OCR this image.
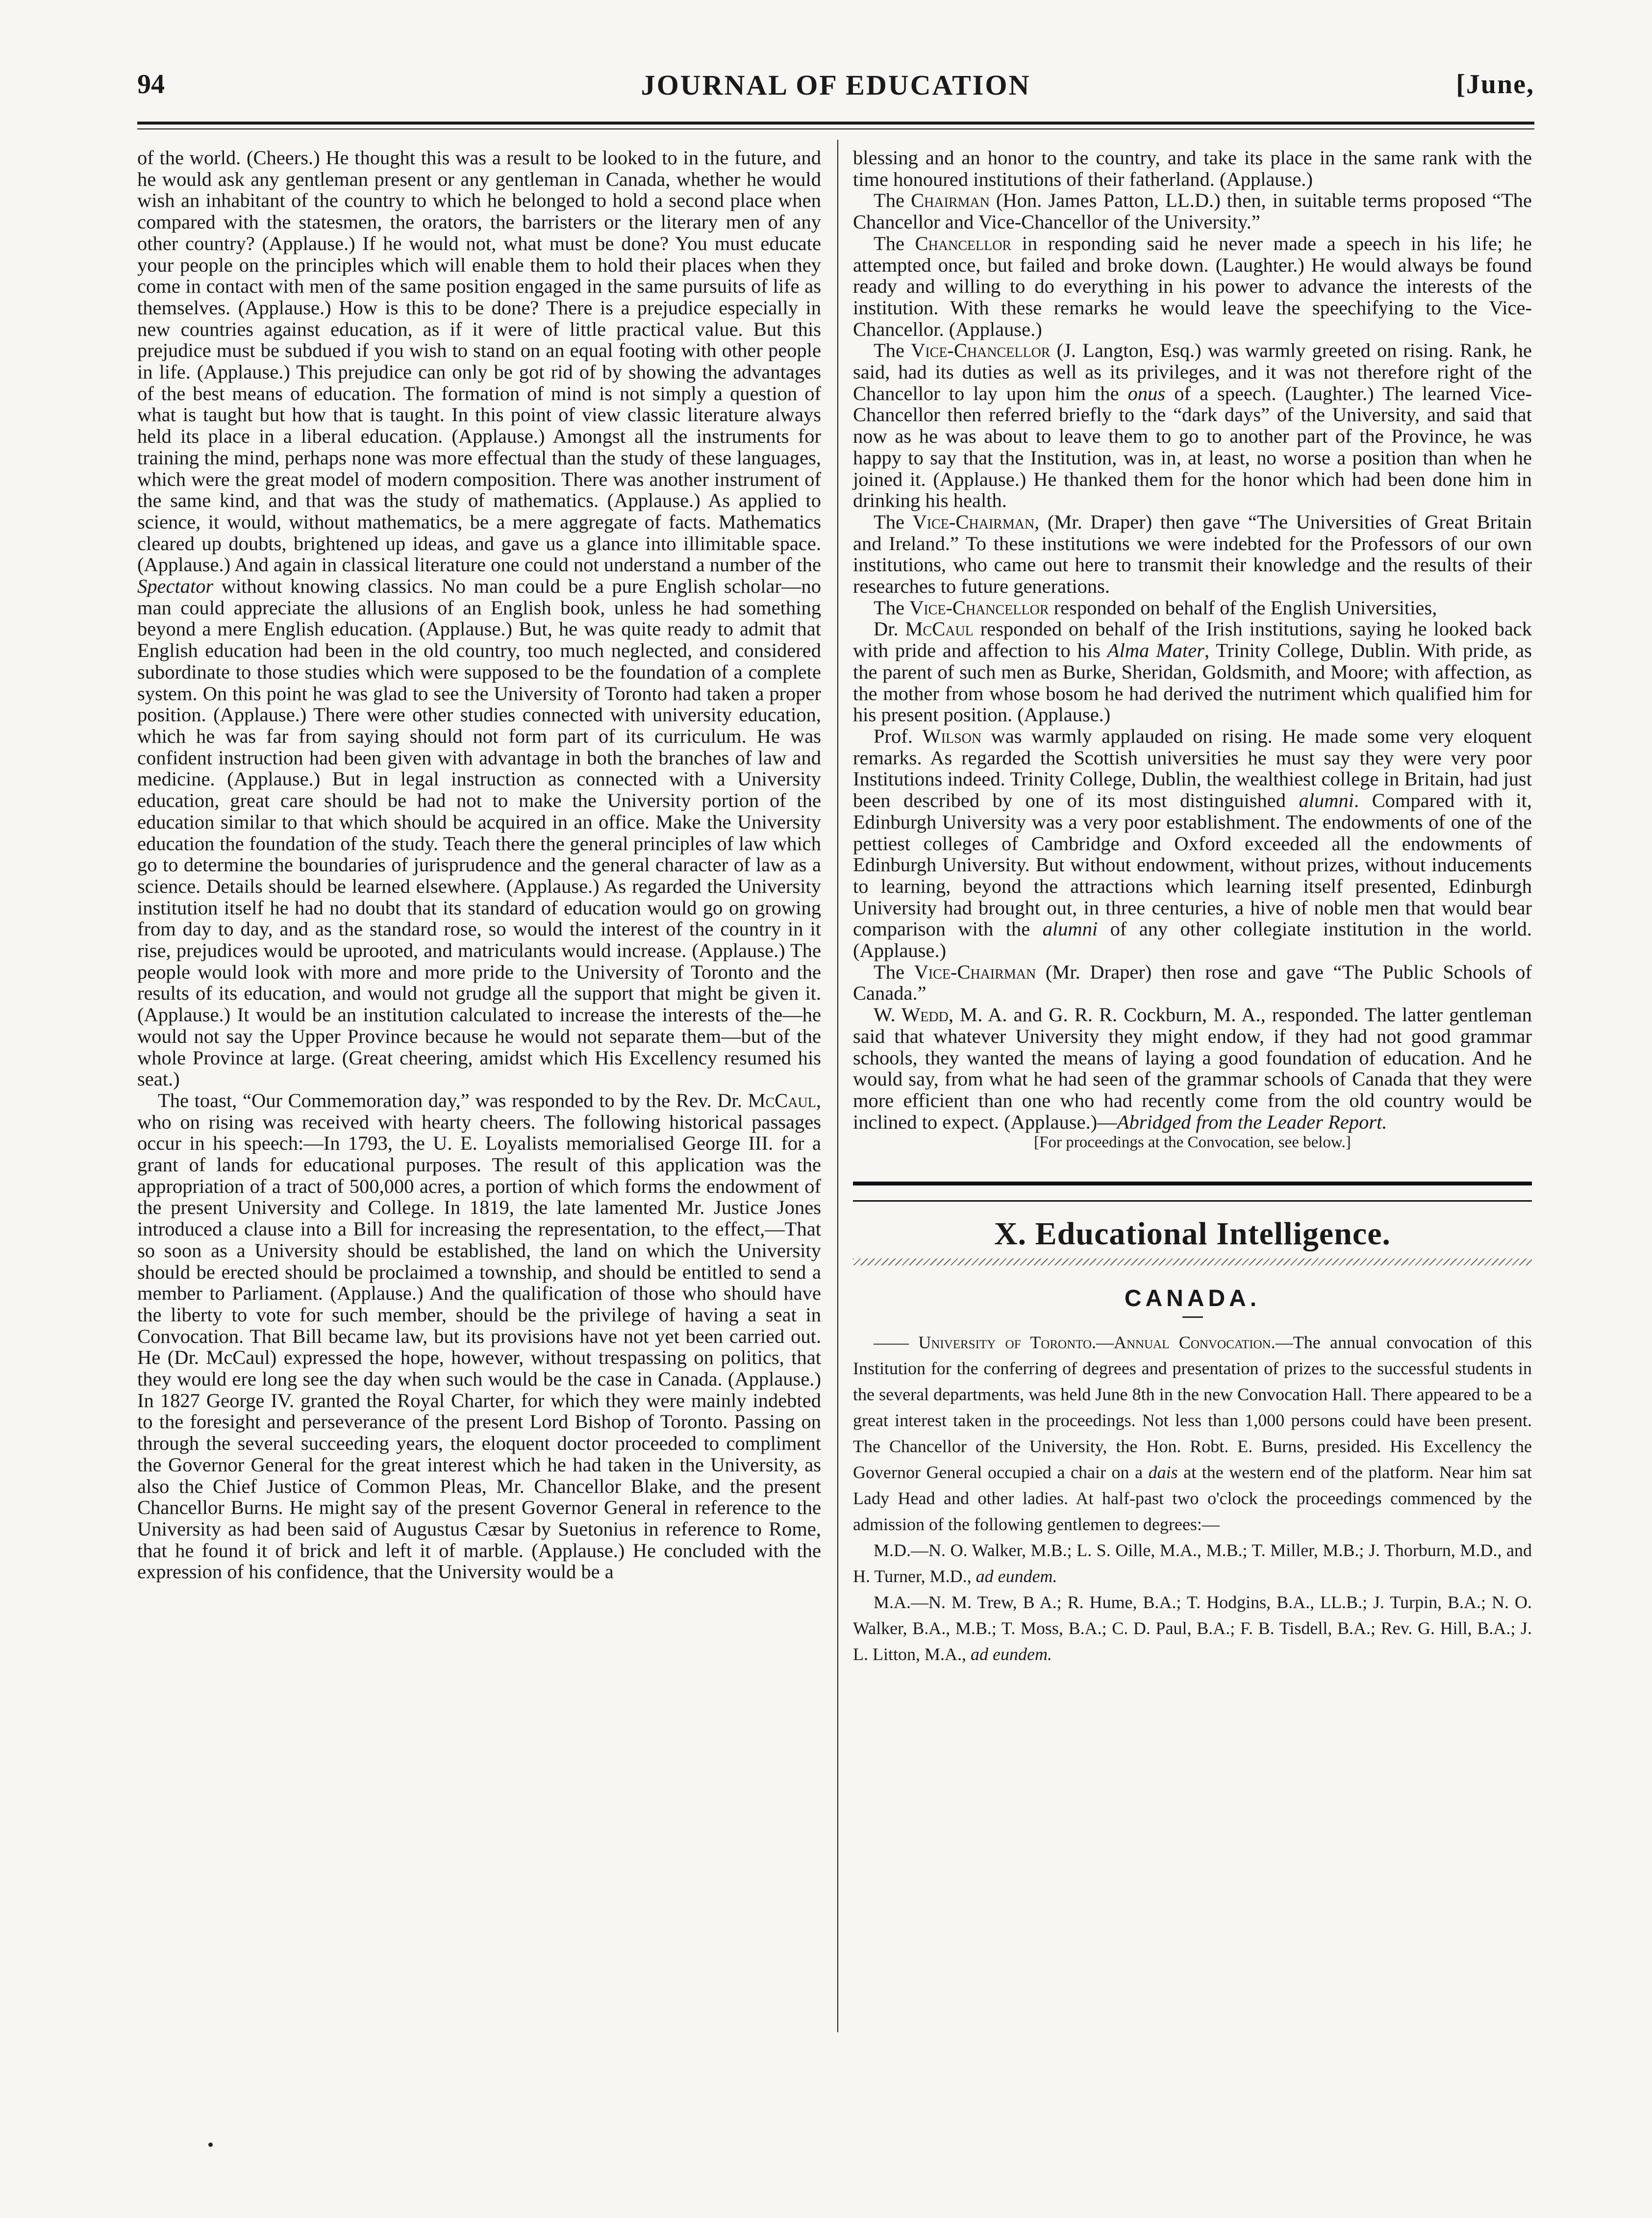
94	JOURNAL OF EDUCATION	[June,

of the world. (Cheers.) He thought this was a result to be looked to in the future, and he would ask any gentleman present or any gentleman in Canada, whether he would wish an inhabitant of the country to which he belonged to hold a second place when compared with the statesmen, the orators, the barristers or the literary men of any other country? (Applause.) If he would not, what must be done? You must educate your people on the principles which will enable them to hold their places when they come in contact with men of the same position engaged in the same pursuits of life as themselves. (Applause.) How is this to be done? There is a prejudice especially in new countries against education, as if it were of little practical value. But this prejudice must be subdued if you wish to stand on an equal footing with other people in life. (Applause.) This prejudice can only be got rid of by showing the advantages of the best means of education. The formation of mind is not simply a question of what is taught but how that is taught. In this point of view classic literature always held its place in a liberal education. (Applause.) Amongst all the instruments for training the mind, perhaps none was more effectual than the study of these languages, which were the great model of modern composition. There was another instrument of the same kind, and that was the study of mathematics. (Applause.) As applied to science, it would, without mathematics, be a mere aggregate of facts. Mathematics cleared up doubts, brightened up ideas, and gave us a glance into illimitable space. (Applause.) And again in classical literature one could not understand a number of the Spectator without knowing classics. No man could be a pure English scholar—no man could appreciate the allusions of an English book, unless he had something beyond a mere English education. (Applause.) But, he was quite ready to admit that English education had been in the old country, too much neglected, and considered subordinate to those studies which were supposed to be the foundation of a complete system. On this point he was glad to see the University of Toronto had taken a proper position. (Applause.) There were other studies connected with university education, which he was far from saying should not form part of its curriculum. He was confident instruction had been given with advantage in both the branches of law and medicine. (Applause.) But in legal instruction as connected with a University education, great care should be had not to make the University portion of the education similar to that which should be acquired in an office. Make the University education the foundation of the study. Teach there the general principles of law which go to determine the boundaries of jurisprudence and the general character of law as a science. Details should be learned elsewhere. (Applause.) As regarded the University institution itself he had no doubt that its standard of education would go on growing from day to day, and as the standard rose, so would the interest of the country in it rise, prejudices would be uprooted, and matriculants would increase. (Applause.) The people would look with more and more pride to the University of Toronto and the results of its education, and would not grudge all the support that might be given it. (Applause.) It would be an institution calculated to increase the interests of the—he would not say the Upper Province because he would not separate them—but of the whole Province at large. (Great cheering, amidst which His Excellency resumed his seat.)

The toast, “Our Commemoration day,” was responded to by the Rev. Dr. McCaul, who on rising was received with hearty cheers. The following historical passages occur in his speech:—In 1793, the U. E. Loyalists memorialised George III. for a grant of lands for educational purposes. The result of this application was the appropriation of a tract of 500,000 acres, a portion of which forms the endowment of the present University and College. In 1819, the late lamented Mr. Justice Jones introduced a clause into a Bill for increasing the representation, to the effect,—That so soon as a University should be established, the land on which the University should be erected should be proclaimed a township, and should be entitled to send a member to Parliament. (Applause.) And the qualification of those who should have the liberty to vote for such member, should be the privilege of having a seat in Convocation. That Bill became law, but its provisions have not yet been carried out. He (Dr. McCaul) expressed the hope, however, without trespassing on politics, that they would ere long see the day when such would be the case in Canada. (Applause.) In 1827 George IV. granted the Royal Charter, for which they were mainly indebted to the foresight and perseverance of the present Lord Bishop of Toronto. Passing on through the several succeeding years, the eloquent doctor proceeded to compliment the Governor General for the great interest which he had taken in the University, as also the Chief Justice of Common Pleas, Mr. Chancellor Blake, and the present Chancellor Burns. He might say of the present Governor General in reference to the University as had been said of Augustus Cæsar by Suetonius in reference to Rome, that he found it of brick and left it of marble. (Applause.) He concluded with the expression of his confidence, that the University would be a

blessing and an honor to the country, and take its place in the same rank with the time honoured institutions of their fatherland. (Applause.)

The Chairman (Hon. James Patton, LL.D.) then, in suitable terms proposed “The Chancellor and Vice-Chancellor of the University.”

The Chancellor in responding said he never made a speech in his life; he attempted once, but failed and broke down. (Laughter.) He would always be found ready and willing to do everything in his power to advance the interests of the institution. With these remarks he would leave the speechifying to the Vice-Chancellor. (Applause.)

The Vice-Chancellor (J. Langton, Esq.) was warmly greeted on rising. Rank, he said, had its duties as well as its privileges, and it was not therefore right of the Chancellor to lay upon him the onus of a speech. (Laughter.) The learned Vice-Chancellor then referred briefly to the “dark days” of the University, and said that now as he was about to leave them to go to another part of the Province, he was happy to say that the Institution, was in, at least, no worse a position than when he joined it. (Applause.) He thanked them for the honor which had been done him in drinking his health.

The Vice-Chairman, (Mr. Draper) then gave “The Universities of Great Britain and Ireland.” To these institutions we were indebted for the Professors of our own institutions, who came out here to transmit their knowledge and the results of their researches to future generations.

The Vice-Chancellor responded on behalf of the English Universities,

Dr. McCaul responded on behalf of the Irish institutions, saying he looked back with pride and affection to his Alma Mater, Trinity College, Dublin. With pride, as the parent of such men as Burke, Sheridan, Goldsmith, and Moore; with affection, as the mother from whose bosom he had derived the nutriment which qualified him for his present position. (Applause.)

Prof. Wilson was warmly applauded on rising. He made some very eloquent remarks. As regarded the Scottish universities he must say they were very poor Institutions indeed. Trinity College, Dublin, the wealthiest college in Britain, had just been described by one of its most distinguished alumni. Compared with it, Edinburgh University was a very poor establishment. The endowments of one of the pettiest colleges of Cambridge and Oxford exceeded all the endowments of Edinburgh University. But without endowment, without prizes, without inducements to learning, beyond the attractions which learning itself presented, Edinburgh University had brought out, in three centuries, a hive of noble men that would bear comparison with the alumni of any other collegiate institution in the world. (Applause.)

The Vice-Chairman (Mr. Draper) then rose and gave “The Public Schools of Canada.”

W. Wedd, M. A. and G. R. R. Cockburn, M. A., responded. The latter gentleman said that whatever University they might endow, if they had not good grammar schools, they wanted the means of laying a good foundation of education. And he would say, from what he had seen of the grammar schools of Canada that they were more efficient than one who had recently come from the old country would be inclined to expect. (Applause.)—Abridged from the Leader Report.

[For proceedings at the Convocation, see below.]

X. Educational Intelligence.
CANADA.

—— University of Toronto.—Annual Convocation.—The annual convocation of this Institution for the conferring of degrees and presentation of prizes to the successful students in the several departments, was held June 8th in the new Convocation Hall. There appeared to be a great interest taken in the proceedings. Not less than 1,000 persons could have been present. The Chancellor of the University, the Hon. Robt. E. Burns, presided. His Excellency the Governor General occupied a chair on a dais at the western end of the platform. Near him sat Lady Head and other ladies. At half-past two o'clock the proceedings commenced by the admission of the following gentlemen to degrees:—

M.D.—N. O. Walker, M.B.; L. S. Oille, M.A., M.B.; T. Miller, M.B.; J. Thorburn, M.D., and H. Turner, M.D., ad eundem.

M.A.—N. M. Trew, B A.; R. Hume, B.A.; T. Hodgins, B.A., LL.B.; J. Turpin, B.A.; N. O. Walker, B.A., M.B.; T. Moss, B.A.; C. D. Paul, B.A.; F. B. Tisdell, B.A.; Rev. G. Hill, B.A.; J. L. Litton, M.A., ad eundem.
